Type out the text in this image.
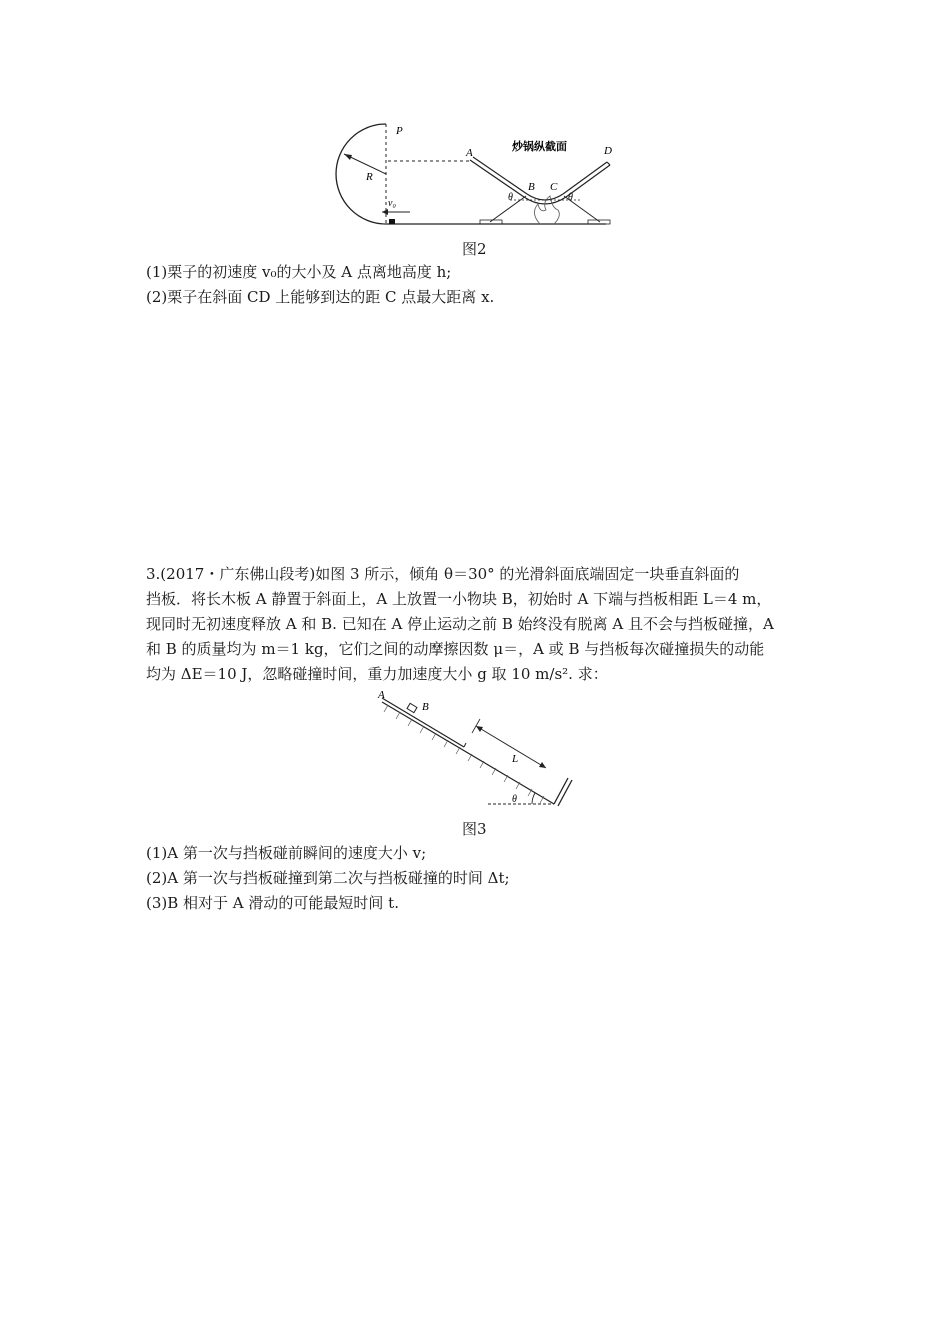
P
R
A
B C
D
v₀
θ	θ
炒锅纵截面
图2
(1)栗子的初速度 v₀的大小及 A 点离地高度 h;
(2)栗子在斜面 CD 上能够到达的距 C 点最大距离 x.
3.(2017・广东佛山段考)如图 3 所示，倾角 θ＝30° 的光滑斜面底端固定一块垂直斜面的
挡板．将长木板 A 静置于斜面上，A 上放置一小物块 B，初始时 A 下端与挡板相距 L＝4 m，
现同时无初速度释放 A 和 B. 已知在 A 停止运动之前 B 始终没有脱离 A 且不会与挡板碰撞，A
和 B 的质量均为 m＝1 kg，它们之间的动摩擦因数 μ＝，A 或 B 与挡板每次碰撞损失的动能
均为 ΔE＝10 J，忽略碰撞时间，重力加速度大小 g 取 10 m/s². 求：
A
B
L
θ
图3
(1)A 第一次与挡板碰前瞬间的速度大小 v;
(2)A 第一次与挡板碰撞到第二次与挡板碰撞的时间 Δt;
(3)B 相对于 A 滑动的可能最短时间 t.
